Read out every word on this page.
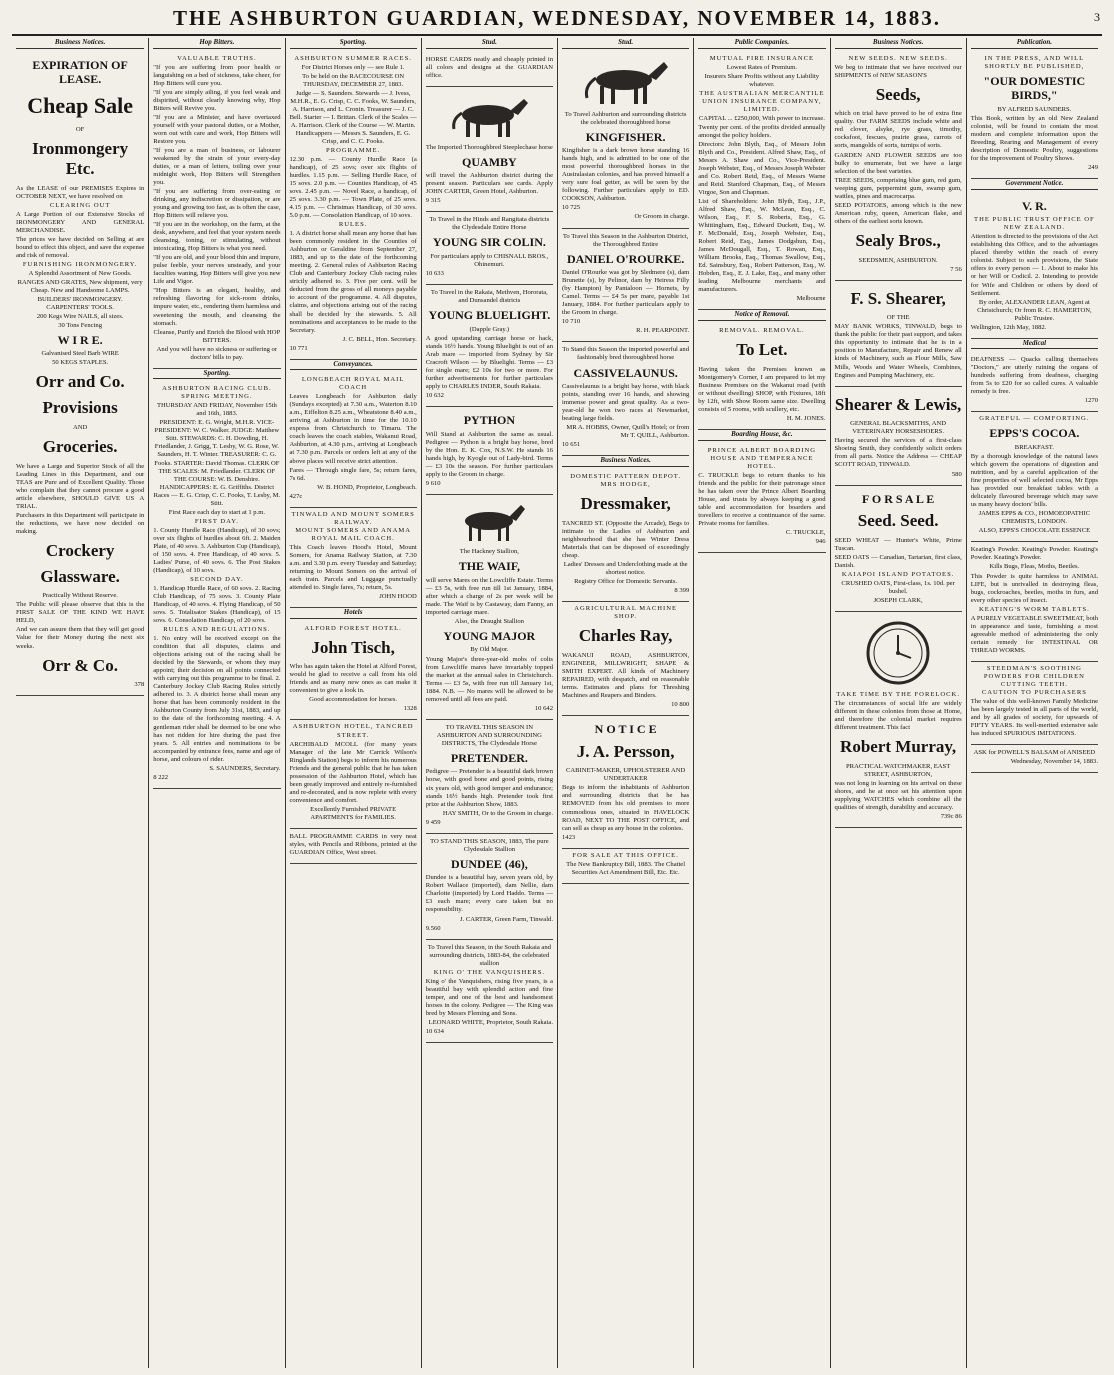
THE ASHBURTON GUARDIAN, WEDNESDAY, NOVEMBER 14, 1883.	3
Business Notices.
EXPIRATION OF LEASE.
Cheap Sale
OF
Ironmongery Etc.

As the LEASE of our PREMISES Expires in OCTOBER NEXT, we have resolved on

CLEARING OUT

A Large Portion of our Extensive Stocks of IRONMONGERY AND GENERAL MERCHANDISE.

The prices we have decided on Selling at are bound to effect this object, and save the expense and risk of removal.

FURNISHING IRONMONGERY.

A Splendid Assortment of New Goods.

RANGES AND GRATES, New shipment, very Cheap. New and Handsome LAMPS. BUILDERS' IRONMONGERY. CARPENTERS' TOOLS.

200 Kegs Wire NAILS, all sizes.

30 Tons Fencing

W I R E.

Galvanised Steel Barb WIRE

50 KEGS STAPLES.

Orr and Co.
Provisions
AND
Groceries.

We have a Large and Superior Stock of all the Leading Lines in this Department, and our TEAS are Pure and of Excellent Quality. Those who complain that they cannot procure a good article elsewhere, SHOULD GIVE US A TRIAL.

Purchasers in this Department will participate in the reductions, we have now decided on making.

Crockery
Glassware.

Practically Without Reserve.

The Public will please observe that this is the FIRST SALE OF THE KIND WE HAVE HELD,

And we can assure them that they will get good Value for their Money during the next six weeks.

Orr & Co.

378

Hop Bitters.
VALUABLE TRUTHS.

"If you are suffering from poor health or languishing on a bed of sickness, take cheer, for Hop Bitters will cure you.

"If you are simply ailing, if you feel weak and dispirited, without clearly knowing why, Hop Bitters will Revive you.

"If you are a Minister, and have overtaxed yourself with your pastoral duties, or a Mother, worn out with care and work, Hop Bitters will Restore you.

"If you are a man of business, or labourer weakened by the strain of your every-day duties, or a man of letters, toiling over your midnight work, Hop Bitters will Strengthen you.

"If you are suffering from over-eating or drinking, any indiscretion or dissipation, or are young and growing too fast, as is often the case, Hop Bitters will relieve you.

"If you are in the workshop, on the farm, at the desk, anywhere, and feel that your system needs cleansing, toning, or stimulating, without intoxicating, Hop Bitters is what you need.

"If you are old, and your blood thin and impure, pulse feeble, your nerves unsteady, and your faculties waning, Hop Bitters will give you new Life and Vigor.

"Hop Bitters is an elegant, healthy, and refreshing flavoring for sick-room drinks, impure water, etc., rendering them harmless and sweetening the mouth, and cleansing the stomach.

Cleanse, Purify and Enrich the Blood with HOP BITTERS.

And you will have no sickness or suffering or doctors' bills to pay.

Sporting.
ASHBURTON RACING CLUB. SPRING MEETING.

THURSDAY AND FRIDAY, November 15th and 16th, 1883.

PRESIDENT: E. G. Wright, M.H.R. VICE-PRESIDENT: W. C. Walker. JUDGE: Matthew Stitt. STEWARDS: C. H. Dowding, H. Friedlander, J. Grigg, T. Lesby, W. G. Rose, W. Saunders, H. T. Winter. TREASURER: C. G. Fooks. STARTER: David Thomas. CLERK OF THE SCALES: M. Friedlander. CLERK OF THE COURSE: W. B. Denshire. HANDICAPPERS: E. G. Griffiths. District Races — E. G. Crisp, C. C. Fooks, T. Lesby, M. Stitt.

First Race each day to start at 1 p.m.

FIRST DAY.

1. County Hurdle Race (Handicap), of 30 sovs; over six flights of hurdles about 6ft. 2. Maiden Plate, of 40 sovs. 3. Ashburton Cup (Handicap), of 150 sovs. 4. Free Handicap, of 40 sovs. 5. Ladies' Purse, of 40 sovs. 6. The Post Stakes (Handicap), of 10 sovs.

SECOND DAY.

1. Handicap Hurdle Race, of 60 sovs. 2. Racing Club Handicap, of 75 sovs. 3. County Plate Handicap, of 40 sovs. 4. Flying Handicap, of 50 sovs. 5. Totalisator Stakes (Handicap), of 15 sovs. 6. Consolation Handicap, of 20 sovs.

RULES AND REGULATIONS.

1. No entry will be received except on the condition that all disputes, claims and objections arising out of the racing shall be decided by the Stewards, or whom they may appoint; their decision on all points connected with carrying out this programme to be final. 2. Canterbury Jockey Club Racing Rules strictly adhered to. 3. A district horse shall mean any horse that has been commonly resident in the Ashburton County from July 31st, 1883, and up to the date of the forthcoming meeting. 4. A gentleman rider shall be deemed to be one who has not ridden for hire during the past five years. 5. All entries and nominations to be accompanied by entrance fees, name and age of horse, and colours of rider.

S. SAUNDERS, Secretary.

8 222

Sporting.
ASHBURTON SUMMER RACES.

For District Horses only — see Rule 1.

To be held on the RACECOURSE ON THURSDAY, DECEMBER 27, 1883.

Judge — S. Saunders. Stewards — J. Ivess, M.H.R., E. G. Crisp, C. C. Fooks, W. Saunders, A. Harrison, and L. Cronin. Treasurer — J. C. Bell. Starter — I. Brittan. Clerk of the Scales — A. Harrison. Clerk of the Course — W. Martin. Handicappers — Messrs S. Saunders, E. G. Crisp, and C. C. Fooks.

PROGRAMME.

12.30 p.m. — County Hurdle Race (a handicap), of 25 sovs; over six flights of hurdles. 1.15 p.m. — Selling Hurdle Race, of 15 sovs. 2.0 p.m. — Counties Handicap, of 45 sovs. 2.45 p.m. — Novel Race, a handicap, of 25 sovs. 3.30 p.m. — Town Plate, of 25 sovs. 4.15 p.m. — Christmas Handicap, of 30 sovs. 5.0 p.m. — Consolation Handicap, of 10 sovs.

RULES.

1. A district horse shall mean any horse that has been commonly resident in the Counties of Ashburton or Geraldine from September 27, 1883, and up to the date of the forthcoming meeting. 2. General rules of Ashburton Racing Club and Canterbury Jockey Club racing rules strictly adhered to. 3. Five per cent. will be deducted from the gross of all moneys payable to account of the programme. 4. All disputes, claims, and objections arising out of the racing shall be decided by the stewards. 5. All nominations and acceptances to be made to the Secretary.

J. C. BELL, Hon. Secretary.

10 771

Conveyances.
LONGBEACH ROYAL MAIL COACH

Leaves Longbeach for Ashburton daily (Sundays excepted) at 7.30 a.m., Waterton 8.10 a.m., Eiffelton 8.25 a.m., Wheatstone 8.40 a.m., arriving at Ashburton in time for the 10.10 express from Christchurch to Timaru. The coach leaves the coach stables, Wakanui Road, Ashburton, at 4.30 p.m., arriving at Longbeach at 7.30 p.m. Parcels or orders left at any of the above places will receive strict attention.

Fares — Through single fare, 5s; return fares, 7s 6d.

W. B. HOND, Proprietor, Longbeach.

427c

TINWALD AND MOUNT SOMERS RAILWAY.
MOUNT SOMERS AND ANAMA ROYAL MAIL COACH.

This Coach leaves Hood's Hotel, Mount Somers, for Anama Railway Station, at 7.30 a.m. and 3.30 p.m. every Tuesday and Saturday; returning to Mount Somers on the arrival of each train. Parcels and Luggage punctually attended to. Single fares, 7s; return, 5s.

JOHN HOOD

Hotels
ALFORD FOREST HOTEL.
John Tisch,

Who has again taken the Hotel at Alford Forest, would be glad to receive a call from his old friends and as many new ones as can make it convenient to give a look in.

Good accommodation for horses.

1328

ASHBURTON HOTEL, TANCRED STREET.

ARCHIBALD MCOLL (for many years Manager of the late Mr Carrick Wilson's Ringlands Station) begs to inform his numerous Friends and the general public that he has taken possession of the Ashburton Hotel, which has been greatly improved and entirely re-furnished and re-decorated, and is now replete with every convenience and comfort.

Excellently Furnished PRIVATE APARTMENTS for FAMILIES.

BALL PROGRAMME CARDS in very neat styles, with Pencils and Ribbons, printed at the GUARDIAN Office, West street.

Stud.

HORSE CARDS neatly and cheaply printed in all colors and designs at the GUARDIAN office.

The Imported Thoroughbred Steeplechase horse

QUAMBY

will travel the Ashburton district during the present season. Particulars see cards. Apply JOHN CARTER, Green Hotel, Ashburton.

9 315

To Travel in the Hinds and Rangitata districts the Clydesdale Entire Horse

YOUNG SIR COLIN.

For particulars apply to CHISNALL BROS., Ohinemuri.

10 633

To Travel in the Rakaia, Methven, Hororata, and Dunsandel districts

YOUNG BLUELIGHT.

(Dapple Gray.)

A good upstanding carriage horse or hack, stands 16½ hands. Young Bluelight is out of an Arab mare — imported from Sydney by Sir Cracroft Wilson — by Bluelight. Terms — £3 for single mare; £2 10s for two or more. For further advertisements for further particulars apply to CHARLES INDER, South Rakaia.

10 632

PYTHON

Will Stand at Ashburton the same as usual. Pedigree — Python is a bright bay horse, bred by the Hon. E. K. Cox, N.S.W. He stands 16 hands high, by Kyogle out of Lady-bird. Terms — £3 10s the season. For further particulars apply to the Groom in charge.

9 610

The Hackney Stallion,

THE WAIF,

will serve Mares on the Lowcliffe Estate. Terms — £3 5s, with free run till 1st January, 1884, after which a charge of 2s per week will be made. The Waif is by Castaway, dam Fanny, an imported carriage mare.

Also, the Draught Stallion

YOUNG MAJOR

By Old Major.

Young Major's three-year-old mobs of colts from Lowcliffe mares have invariably topped the market at the annual sales in Christchurch. Terms — £3 5s, with free run till January 1st, 1884. N.B. — No mares will be allowed to be removed until all fees are paid.

10 642

TO TRAVEL THIS SEASON IN ASHBURTON AND SURROUNDING DISTRICTS, The Clydesdale Horse

PRETENDER.

Pedigree — Pretender is a beautiful dark brown horse, with good bone and good points, rising six years old, with good temper and endurance; stands 16½ hands high. Pretender took first prize at the Ashburton Show, 1883.

HAY SMITH, Or to the Groom in charge.

9 459

TO STAND THIS SEASON, 1883, The pure Clydesdale Stallion

DUNDEE (46),

Dundee is a beautiful bay, seven years old, by Robert Wallace (imported), dam Nellie, dam Charlotte (imported) by Lord Haddo. Terms — £3 each mare; every care taken but no responsibility.

J. CARTER, Green Farm, Tinwald.

9.560

To Travel this Season, in the South Rakaia and surrounding districts, 1883-84, the celebrated stallion

KING O' THE VANQUISHERS.

King o' the Vanquishers, rising five years, is a beautiful bay with splendid action and fine temper, and one of the best and handsomest horses in the colony. Pedigree — The King was bred by Messrs Fleming and Sons.

LEONARD WHITE, Proprietor, South Rakaia.

10 634

Stud.

To Travel Ashburton and surrounding districts the celebrated thoroughbred horse

KINGFISHER.

Kingfisher is a dark brown horse standing 16 hands high, and is admitted to be one of the most powerful thoroughbred horses in the Australasian colonies, and has proved himself a very sure foal getter, as will be seen by the following. Further particulars apply to ED. COOKSON, Ashburton.

10 725

Or Groom in charge.

To Travel this Season in the Ashburton District, the Thoroughbred Entire

DANIEL O'ROURKE.

Daniel O'Rourke was got by Sledmere (s), dam Brunette (s), by Pelinor, dam by Heiress Filly (by Hampton) by Pantaloon — Hornets, by Camel. Terms — £4 5s per mare, payable 1st January, 1884. For further particulars apply to the Groom in charge.

10 710

R. H. PEARPOINT.

To Stand this Season the imported powerful and fashionably bred thoroughbred horse

CASSIVELAUNUS.

Cassivelaunus is a bright bay horse, with black points, standing over 16 hands, and showing immense power and great quality. As a two-year-old he won two races at Newmarket, beating large fields.

MR A. HOBBS, Owner, Quill's Hotel; or from Mr T. QUILL, Ashburton.

10 651

Business Notices.
DOMESTIC PATTERN DEPOT.
MRS HODGE,
Dressmaker,

TANCRED ST. (Opposite the Arcade), Begs to intimate to the Ladies of Ashburton and neighbourhood that she has Winter Dress Materials that can be disposed of exceedingly cheap.

Ladies' Dresses and Underclothing made at the shortest notice.

Registry Office for Domestic Servants.

8 399

AGRICULTURAL MACHINE SHOP.
Charles Ray,

WAKANUI ROAD, ASHBURTON, ENGINEER, MILLWRIGHT, SHAPE & SMITH EXPERT. All kinds of Machinery REPAIRED, with despatch, and on reasonable terms. Estimates and plans for Threshing Machines and Reapers and Binders.

10 800

N O T I C E
J. A. Persson,

CABINET-MAKER, UPHOLSTERER AND UNDERTAKER

Begs to inform the inhabitants of Ashburton and surrounding districts that he has REMOVED from his old premises to more commodious ones, situated in HAVELOCK ROAD, NEXT TO THE POST OFFICE, and can sell as cheap as any house in the colonies.

1423

FOR SALE AT THIS OFFICE.

The New Bankruptcy Bill, 1883. The Chattel Securities Act Amendment Bill, Etc. Etc.

Public Companies.
MUTUAL FIRE INSURANCE

Lowest Rates of Premium.

Insurers Share Profits without any Liability whatever.

THE AUSTRALIAN MERCANTILE UNION INSURANCE COMPANY, LIMITED.

CAPITAL ... £250,000, With power to increase.

Twenty per cent. of the profits divided annually amongst the policy holders.

Directors: John Blyth, Esq., of Messrs John Blyth and Co., President. Alfred Shaw, Esq., of Messrs A. Shaw and Co., Vice-President. Joseph Webster, Esq., of Messrs Joseph Webster and Co. Robert Reid, Esq., of Messrs Warne and Reid. Stanford Chapman, Esq., of Messrs Virgoe, Son and Chapman.

List of Shareholders: John Blyth, Esq., J.P., Alfred Shaw, Esq., W. McLean, Esq., C. Wilson, Esq., F. S. Roberts, Esq., G. Whittingham, Esq., Edward Duckett, Esq., W. F. McDonald, Esq., Joseph Webster, Esq., Robert Reid, Esq., James Dodgshun, Esq., James McDougall, Esq., T. Rowan, Esq., William Brooks, Esq., Thomas Swallow, Esq., Ed. Sainsbury, Esq., Robert Patterson, Esq., W. Hobden, Esq., E. J. Lake, Esq., and many other leading Melbourne merchants and manufacturers.

Melbourne

Notice of Removal.
REMOVAL. REMOVAL.
To Let.

Having taken the Premises known as Montgomery's Corner, I am prepared to let my Business Premises on the Wakanui road (with or without dwelling) SHOP, with Fixtures, 18ft by 12ft, with Show Room same size. Dwelling consists of 5 rooms, with scullery, etc.

H. M. JONES.

Boarding House, &c.
PRINCE ALBERT BOARDING HOUSE AND TEMPERANCE HOTEL.

C. TRUCKLE begs to return thanks to his friends and the public for their patronage since he has taken over the Prince Albert Boarding House, and trusts by always keeping a good table and accommodation for boarders and travellers to receive a continuance of the same. Private rooms for families.

C. TRUCKLE,

946

Business Notices.
NEW SEEDS. NEW SEEDS.

We beg to intimate that we have received our SHIPMENTS of NEW SEASON'S

Seeds,

which on trial have proved to be of extra fine quality. Our FARM SEEDS include white and red clover, alsyke, rye grass, timothy, cocksfoot, fescues, prairie grass, carrots of sorts, mangolds of sorts, turnips of sorts.

GARDEN AND FLOWER SEEDS are too bulky to enumerate, but we have a large selection of the best varieties.

TREE SEEDS, comprising blue gum, red gum, weeping gum, peppermint gum, swamp gum, wattles, pines and macrocarpa.

SEED POTATOES, among which is the new American ruby, queen, American flake, and others of the earliest sorts known.

Sealy Bros.,

SEEDSMEN, ASHBURTON.

7 56

F. S. Shearer,

OF THE

MAY BANK WORKS, TINWALD, begs to thank the public for their past support, and takes this opportunity to intimate that he is in a position to Manufacture, Repair and Renew all kinds of Machinery, such as Flour Mills, Saw Mills, Woods and Water Wheels, Combines, Engines and Pumping Machinery, etc.

Shearer & Lewis,

GENERAL BLACKSMITHS, AND VETERINARY HORSESHOERS.

Having secured the services of a first-class Shoeing Smith, they confidently solicit orders from all parts. Notice the Address — CHEAP SCOTT ROAD, TINWALD.

580

F O R S A L E
Seed. Seed.

SEED WHEAT — Hunter's White, Prime Tuscan.

SEED OATS — Canadian, Tartarian, first class, Danish.

KAIAPOI ISLAND POTATOES.

CRUSHED OATS, First-class, 1s. 10d. per bushel.

JOSEPH CLARK,

TAKE TIME BY THE FORELOCK.

The circumstances of social life are widely different in these colonies from those at Home, and therefore the colonial market requires different treatment. This fact

Robert Murray,

PRACTICAL WATCHMAKER, EAST STREET, ASHBURTON,

was not long in learning on his arrival on these shores, and he at once set his attention upon supplying WATCHES which combine all the qualities of strength, durability and accuracy.

739c 86

Publication.
IN THE PRESS, AND WILL SHORTLY BE PUBLISHED,
"OUR DOMESTIC BIRDS,"

BY ALFRED SAUNDERS.

This Book, written by an old New Zealand colonist, will be found to contain the most modern and complete information upon the Breeding, Rearing and Management of every description of Domestic Poultry, suggestions for the improvement of Poultry Shows.

249

Government Notice.
V. R.
THE PUBLIC TRUST OFFICE OF NEW ZEALAND.

Attention is directed to the provisions of the Act establishing this Office, and to the advantages placed thereby within the reach of every colonist. Subject to such provisions, the State offers to every person — 1. About to make his or her Will or Codicil. 2. Intending to provide for Wife and Children or others by deed of Settlement.

By order, ALEXANDER LEAN, Agent at Christchurch; Or from R. C. HAMERTON, Public Trustee.

Wellington, 12th May, 1882.

Medical

DEAFNESS — Quacks calling themselves "Doctors," are utterly ruining the organs of hundreds suffering from deafness, charging from 5s to £20 for so called cures. A valuable remedy is free.

1270

GRATEFUL — COMFORTING.
EPPS'S COCOA.

BREAKFAST.

By a thorough knowledge of the natural laws which govern the operations of digestion and nutrition, and by a careful application of the fine properties of well selected cocoa, Mr Epps has provided our breakfast tables with a delicately flavoured beverage which may save us many heavy doctors' bills.

JAMES EPPS & CO., HOMOEOPATHIC CHEMISTS, LONDON.

ALSO, EPPS'S CHOCOLATE ESSENCE

Keating's Powder. Keating's Powder. Keating's Powder. Keating's Powder.

Kills Bugs, Fleas, Moths, Beetles.

This Powder is quite harmless to ANIMAL LIFE, but is unrivalled in destroying fleas, bugs, cockroaches, beetles, moths in furs, and every other species of insect.

KEATING'S WORM TABLETS.

A PURELY VEGETABLE SWEETMEAT, both in appearance and taste, furnishing a most agreeable method of administering the only certain remedy for INTESTINAL OR THREAD WORMS.

STEEDMAN'S SOOTHING POWDERS FOR CHILDREN CUTTING TEETH.
CAUTION TO PURCHASERS

The value of this well-known Family Medicine has been largely tested in all parts of the world, and by all grades of society, for upwards of FIFTY YEARS. Its well-merited extensive sale has induced SPURIOUS IMITATIONS.

ASK for POWELL'S BALSAM of ANISEED

Wednesday, November 14, 1883.
